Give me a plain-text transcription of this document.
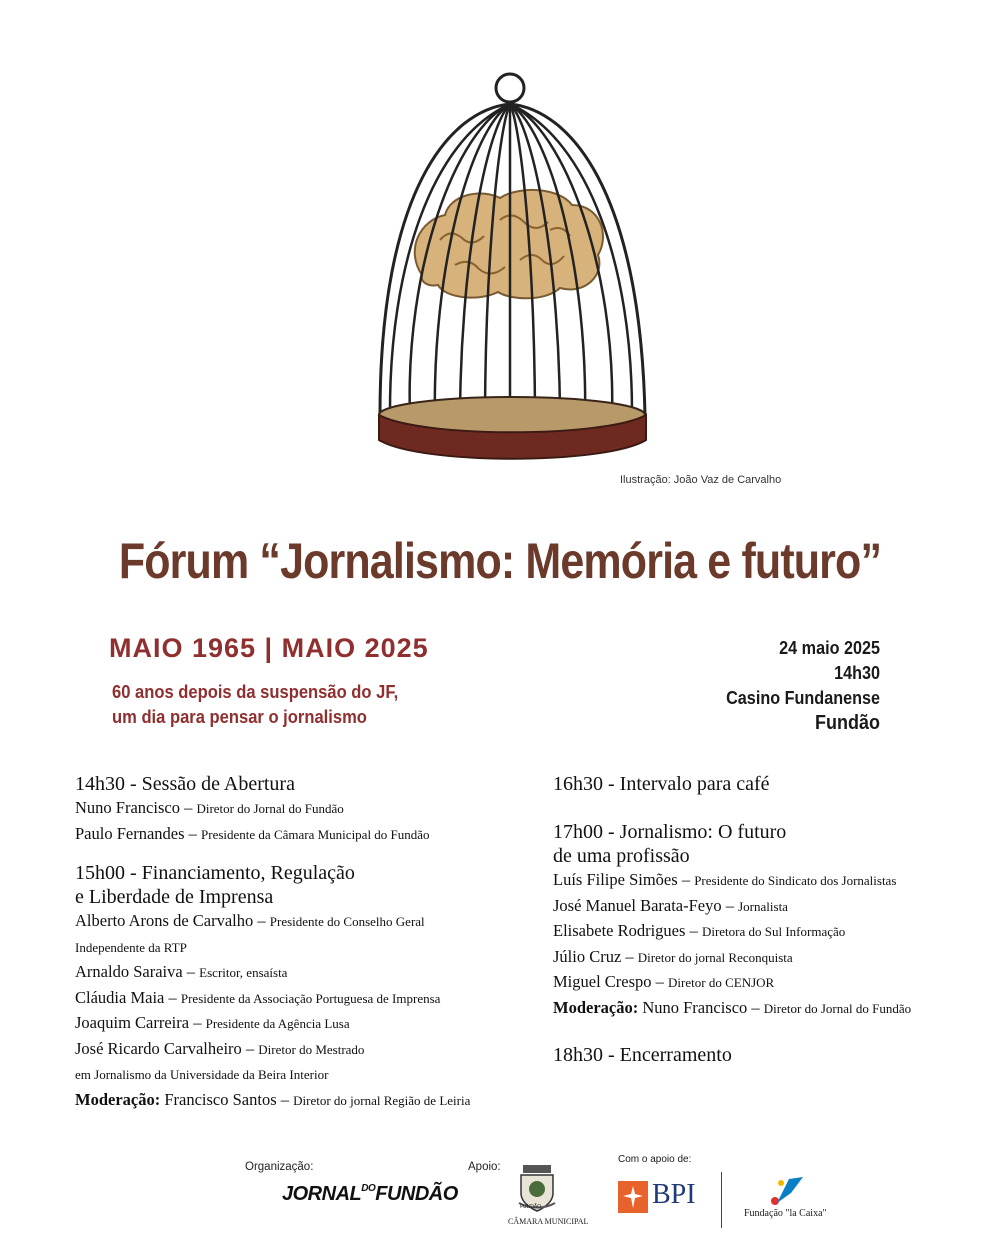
Ilustração: João Vaz de Carvalho
Fórum “Jornalismo: Memória e futuro”
MAIO 1965 | MAIO 2025
60 anos depois da suspensão do JF,
um dia para pensar o jornalismo
24 maio 2025
14h30
Casino Fundanense
Fundão
14h30 - Sessão de Abertura
Nuno Francisco – Diretor do Jornal do Fundão
Paulo Fernandes – Presidente da Câmara Municipal do Fundão
15h00 - Financiamento, Regulação
e Liberdade de Imprensa
Alberto Arons de Carvalho – Presidente do Conselho Geral
Independente da RTP
Arnaldo Saraiva – Escritor, ensaísta
Cláudia Maia – Presidente da Associação Portuguesa de Imprensa
Joaquim Carreira – Presidente da Agência Lusa
José Ricardo Carvalheiro – Diretor do Mestrado
em Jornalismo da Universidade da Beira Interior
Moderação: Francisco Santos – Diretor do jornal Região de Leiria
16h30 - Intervalo para café
17h00 - Jornalismo: O futuro
de uma profissão
Luís Filipe Simões – Presidente do Sindicato dos Jornalistas
José Manuel Barata-Feyo – Jornalista
Elisabete Rodrigues – Diretora do Sul Informação
Júlio Cruz – Diretor do jornal Reconquista
Miguel Crespo – Diretor do CENJOR
Moderação: Nuno Francisco – Diretor do Jornal do Fundão
18h30 - Encerramento
Organização:
$JORNAL^{DO}FUNDÃO$
Apoio:
FUNDÃO
CÂMARA MUNICIPAL
Com o apoio de:
BPI
Fundação "la Caixa"
